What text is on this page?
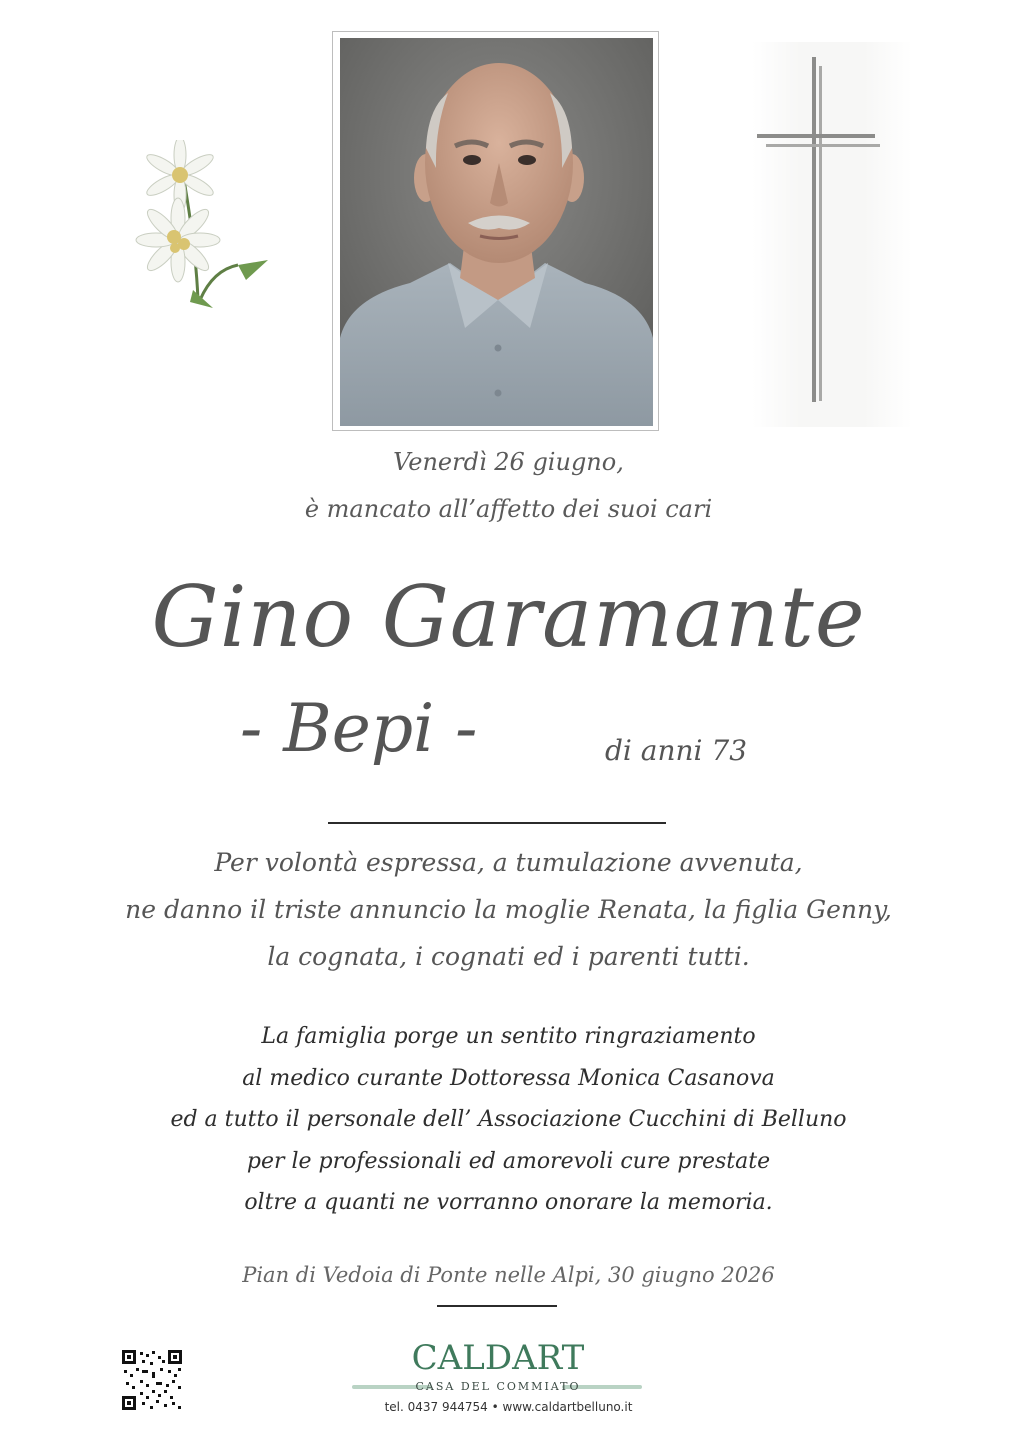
Venerdì 26 giugno,
è mancato all’affetto dei suoi cari
Gino Garamante
- Bepi -	di anni 73
Per volontà espressa, a tumulazione avvenuta,
ne danno il triste annuncio la moglie Renata, la figlia Genny,
la cognata, i cognati ed i parenti tutti.
La famiglia porge un sentito ringraziamento
al medico curante Dottoressa Monica Casanova
ed a tutto il personale dell’ Associazione Cucchini di Belluno
per le professionali ed amorevoli cure prestate
oltre a quanti ne vorranno onorare la memoria.
Pian di Vedoia di Ponte nelle Alpi, 30 giugno 2026
CALDART
CASA DEL COMMIATO
tel. 0437 944754 • www.caldartbelluno.it
